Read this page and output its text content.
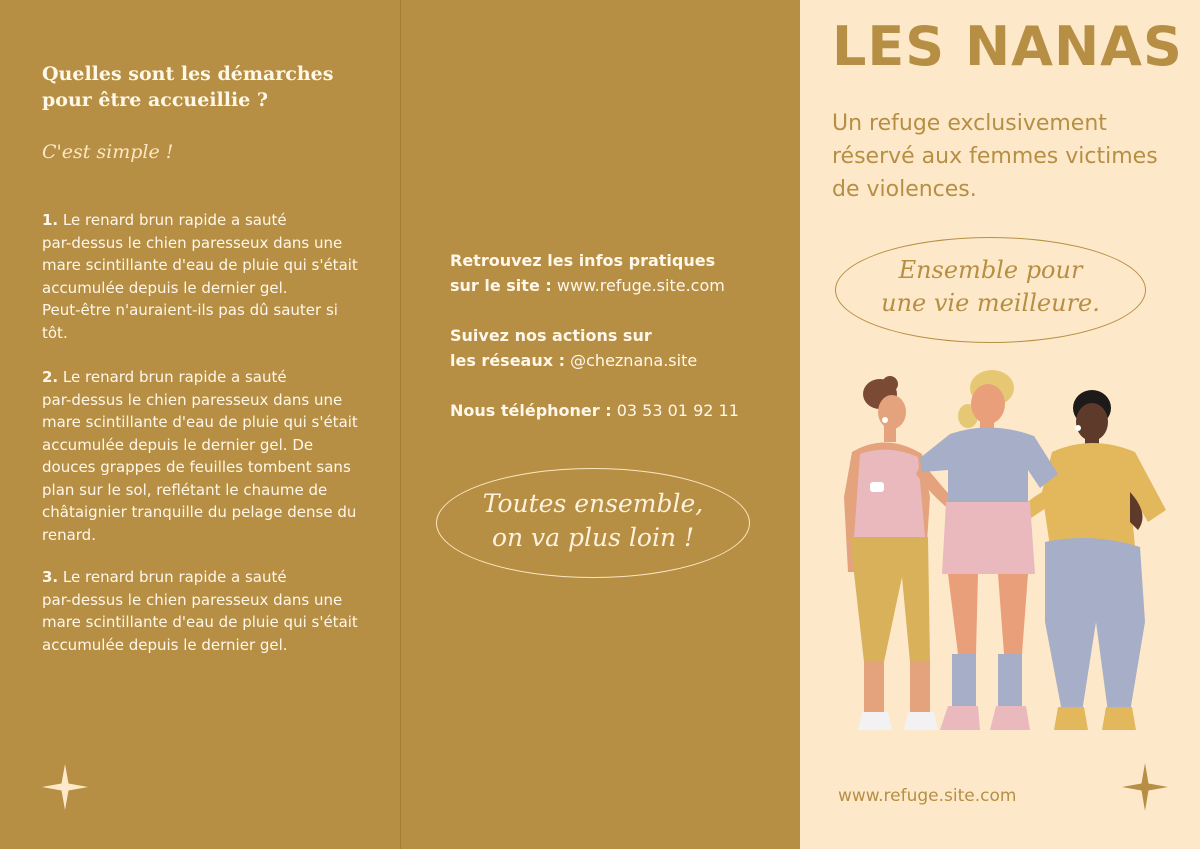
Quelles sont les démarches
pour être accueillie ?
C'est simple !
1. Le renard brun rapide a sauté
par-dessus le chien paresseux dans une
mare scintillante d'eau de pluie qui s'était
accumulée depuis le dernier gel.
Peut-être n'auraient-ils pas dû sauter si
tôt.
2. Le renard brun rapide a sauté
par-dessus le chien paresseux dans une
mare scintillante d'eau de pluie qui s'était
accumulée depuis le dernier gel. De
douces grappes de feuilles tombent sans
plan sur le sol, reflétant le chaume de
châtaignier tranquille du pelage dense du
renard.
3. Le renard brun rapide a sauté
par-dessus le chien paresseux dans une
mare scintillante d'eau de pluie qui s'était
accumulée depuis le dernier gel.
Retrouvez les infos pratiques
sur le site : www.refuge.site.com
Suivez nos actions sur
les réseaux : @cheznana.site
Nous téléphoner : 03 53 01 92 11
Toutes ensemble,
on va plus loin !
LES NANAS
Un refuge exclusivement
réservé aux femmes victimes
de violences.
Ensemble pour
une vie meilleure.
www.refuge.site.com
